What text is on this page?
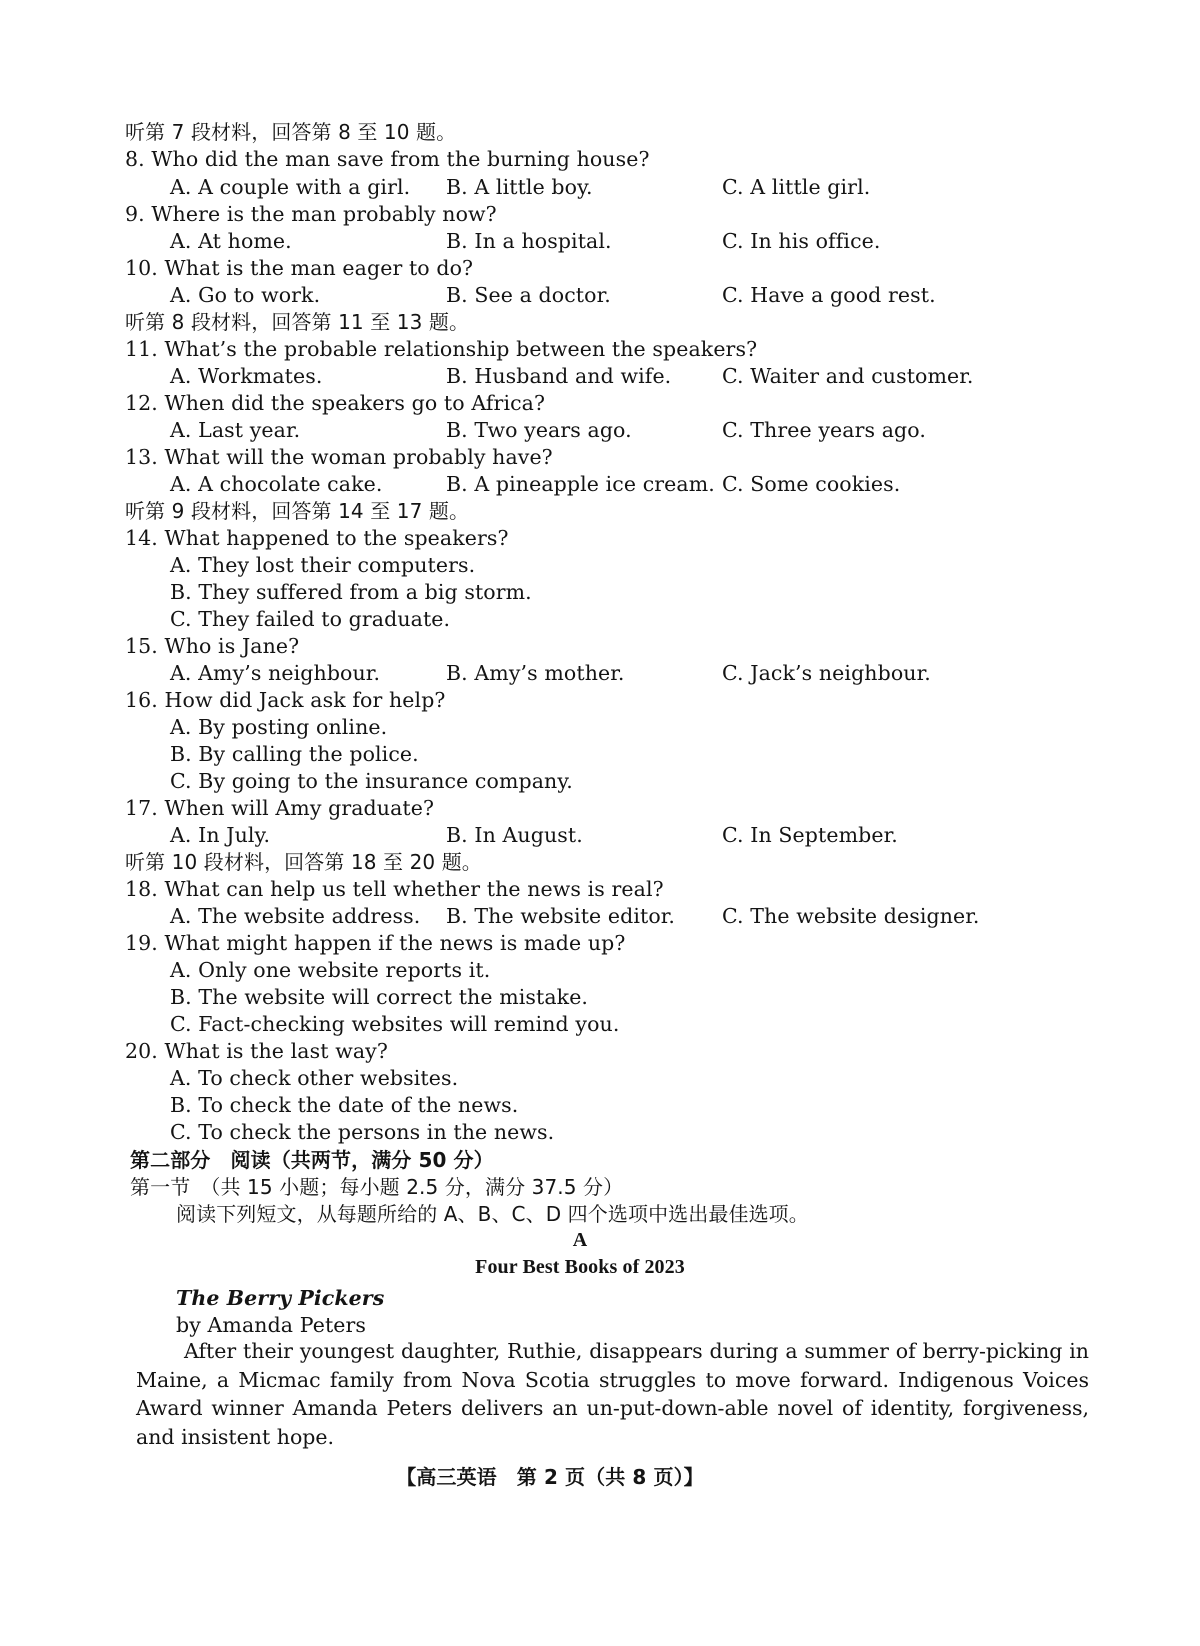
听第 7 段材料，回答第 8 至 10 题。
8. Who did the man save from the burning house?
A. A couple with a girl. B. A little boy.	C. A little girl.
9. Where is the man probably now?
A. At home.	B. In a hospital.	C. In his office.
10. What is the man eager to do?
A. Go to work.	B. See a doctor.	C. Have a good rest.
听第 8 段材料，回答第 11 至 13 题。
11. What’s the probable relationship between the speakers?
A. Workmates.	B. Husband and wife. C. Waiter and customer.
12. When did the speakers go to Africa?
A. Last year.	B. Two years ago.	C. Three years ago.
13. What will the woman probably have?
A. A chocolate cake.	B. A pineapple ice cream. C. Some cookies.
听第 9 段材料，回答第 14 至 17 题。
14. What happened to the speakers?
A. They lost their computers.
B. They suffered from a big storm.
C. They failed to graduate.
15. Who is Jane?
A. Amy’s neighbour.	B. Amy’s mother.	C. Jack’s neighbour.
16. How did Jack ask for help?
A. By posting online.
B. By calling the police.
C. By going to the insurance company.
17. When will Amy graduate?
A. In July.	B. In August.	C. In September.
听第 10 段材料，回答第 18 至 20 题。
18. What can help us tell whether the news is real?
A. The website address. B. The website editor. C. The website designer.
19. What might happen if the news is made up?
A. Only one website reports it.
B. The website will correct the mistake.
C. Fact-checking websites will remind you.
20. What is the last way?
A. To check other websites.
B. To check the date of the news.
C. To check the persons in the news.
第二部分　阅读（共两节，满分 50 分）
第一节　（共 15 小题；每小题 2.5 分，满分 37.5 分）
阅读下列短文，从每题所给的 A、B、C、D 四个选项中选出最佳选项。
A
Four Best Books of 2023
The Berry Pickers
by Amanda Peters
After their youngest daughter, Ruthie, disappears during a summer of berry-picking in Maine, a Micmac family from Nova Scotia struggles to move forward. Indigenous Voices Award winner Amanda Peters delivers an un-put-down-able novel of identity, forgiveness, and insistent hope.
【高三英语　第 2 页（共 8 页）】
